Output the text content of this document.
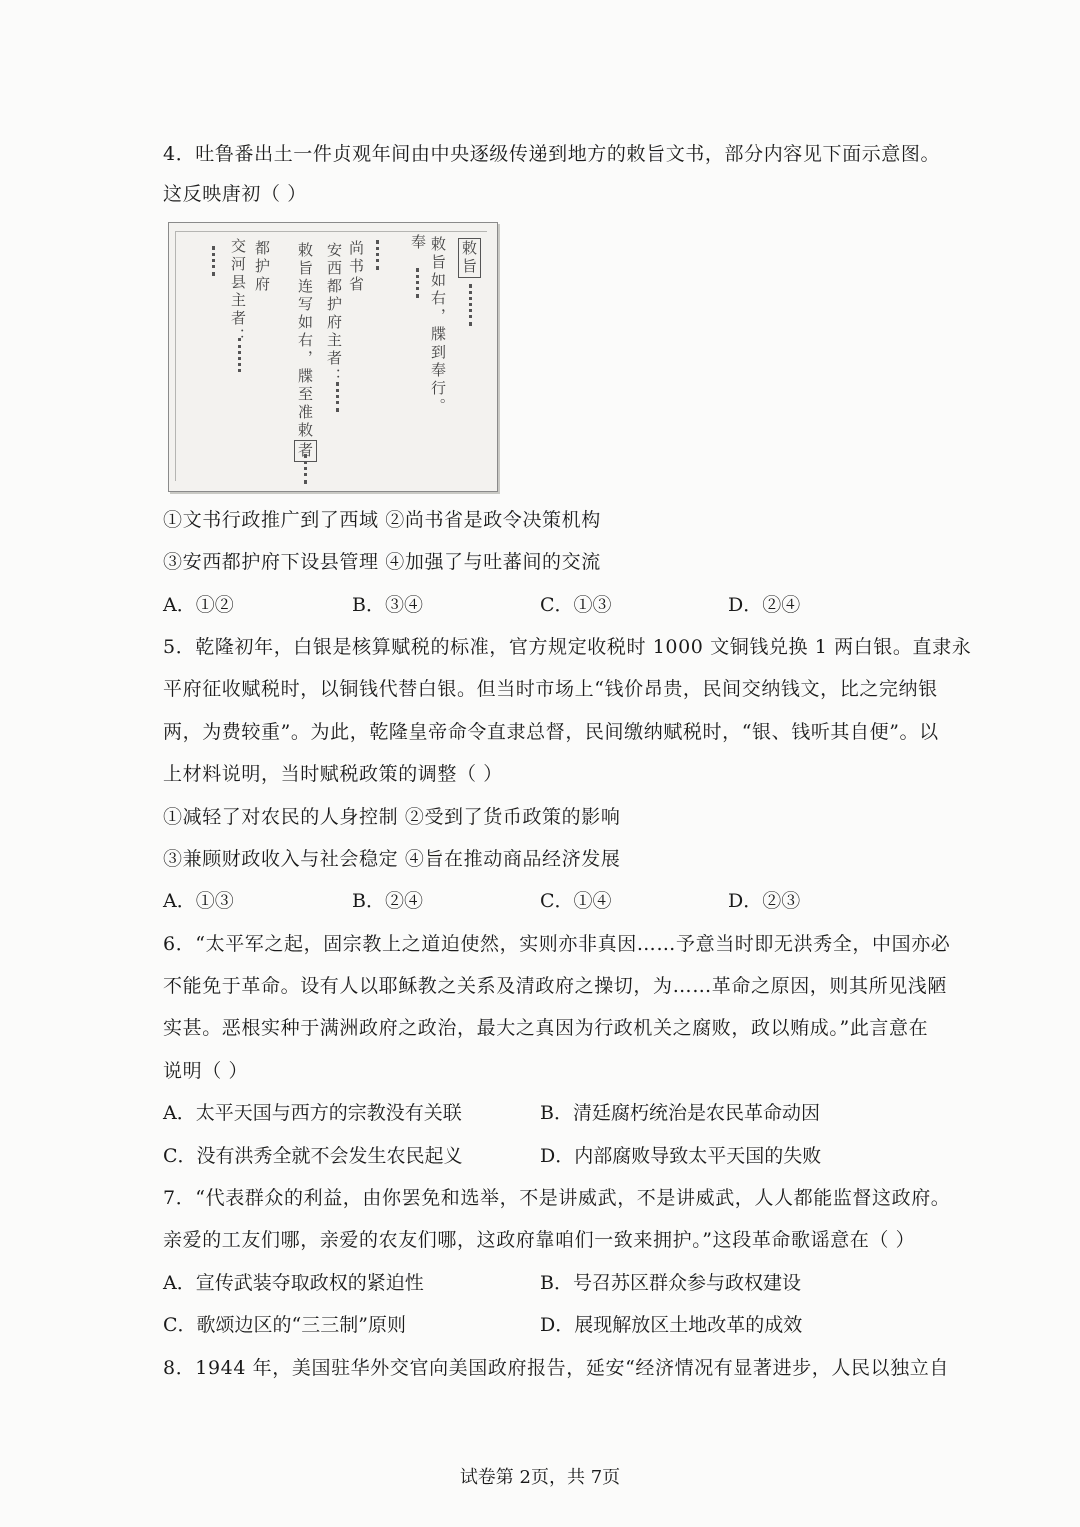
4．吐鲁番出土一件贞观年间由中央逐级传递到地方的敕旨文书，部分内容见下面示意图。
这反映唐初（ ）
敕旨
敕旨如右，牒到奉行。
奉
尚书省
安西都护府主者：
敕旨连写如右，牒至准敕者
都护府
交河县主者：
①文书行政推广到了西域 ②尚书省是政令决策机构
③安西都护府下设县管理 ④加强了与吐蕃间的交流
A．①②	B．③④	C．①③	D．②④
5．乾隆初年，白银是核算赋税的标准，官方规定收税时 1000 文铜钱兑换 1 两白银。直隶永
平府征收赋税时，以铜钱代替白银。但当时市场上“钱价昂贵，民间交纳钱文，比之完纳银
两，为费较重”。为此，乾隆皇帝命令直隶总督，民间缴纳赋税时，“银、钱听其自便”。以
上材料说明，当时赋税政策的调整（ ）
①减轻了对农民的人身控制 ②受到了货币政策的影响
③兼顾财政收入与社会稳定 ④旨在推动商品经济发展
A．①③	B．②④	C．①④	D．②③
6．“太平军之起，固宗教上之道迫使然，实则亦非真因……予意当时即无洪秀全，中国亦必
不能免于革命。设有人以耶稣教之关系及清政府之操切，为……革命之原因，则其所见浅陋
实甚。恶根实种于满洲政府之政治，最大之真因为行政机关之腐败，政以贿成。”此言意在
说明（ ）
A．太平天国与西方的宗教没有关联	B．清廷腐朽统治是农民革命动因
C．没有洪秀全就不会发生农民起义	D．内部腐败导致太平天国的失败
7．“代表群众的利益，由你罢免和选举，不是讲威武，不是讲威武，人人都能监督这政府。
亲爱的工友们哪，亲爱的农友们哪，这政府靠咱们一致来拥护。”这段革命歌谣意在（ ）
A．宣传武装夺取政权的紧迫性	B．号召苏区群众参与政权建设
C．歌颂边区的“三三制”原则	D．展现解放区土地改革的成效
8．1944 年，美国驻华外交官向美国政府报告，延安“经济情况有显著进步，人民以独立自
试卷第 2页，共 7页
